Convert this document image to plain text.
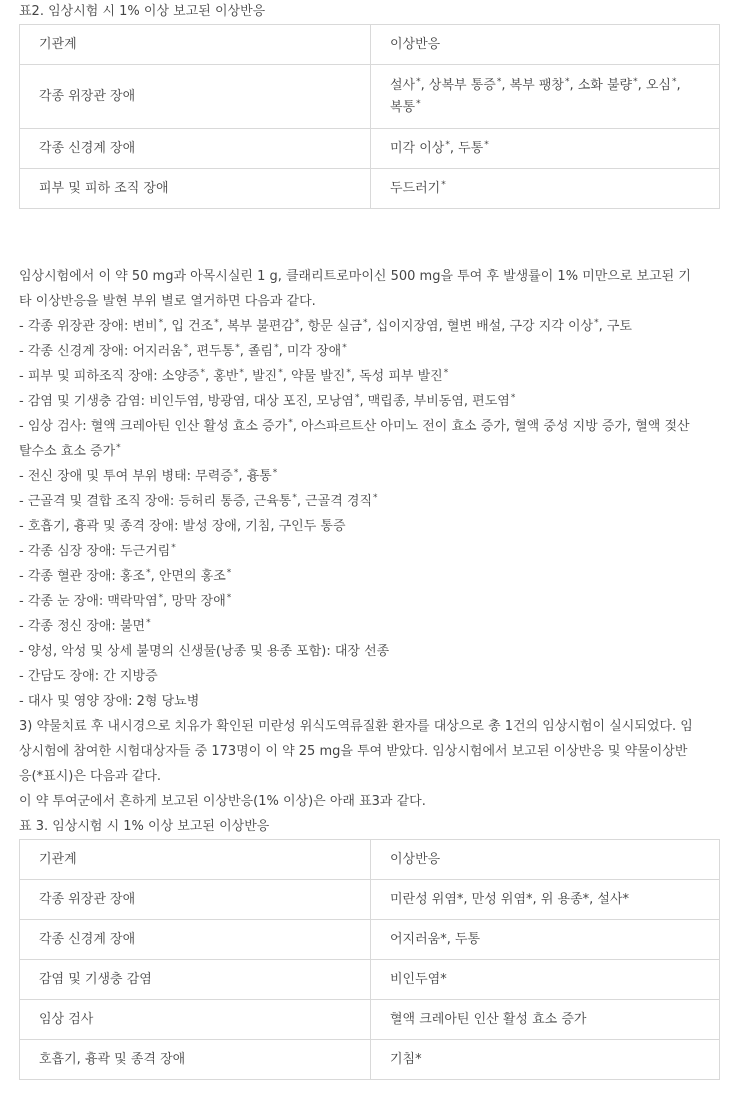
표2. 임상시험 시 1% 이상 보고된 이상반응
기관계	이상반응
각종 위장관 장애	설사*, 상복부 통증*, 복부 팽창*, 소화 불량*, 오심*,
복통*

각종 신경계 장애	미각 이상*, 두통*
피부 및 피하 조직 장애	두드러기*
임상시험에서 이 약 50 mg과 아목시실린 1 g, 클래리트로마이신 500 mg을 투여 후 발생률이 1% 미만으로 보고된 기
타 이상반응을 발현 부위 별로 열거하면 다음과 같다.
- 각종 위장관 장애: 변비*, 입 건조*, 복부 불편감*, 항문 실금*, 십이지장염, 혈변 배설, 구강 지각 이상*, 구토
- 각종 신경계 장애: 어지러움*, 편두통*, 졸림*, 미각 장애*
- 피부 및 피하조직 장애: 소양증*, 홍반*, 발진*, 약물 발진*, 독성 피부 발진*
- 감염 및 기생충 감염: 비인두염, 방광염, 대상 포진, 모낭염*, 맥립종, 부비동염, 편도염*
- 임상 검사: 혈액 크레아틴 인산 활성 효소 증가*, 아스파르트산 아미노 전이 효소 증가, 혈액 중성 지방 증가, 혈액 젖산
탈수소 효소 증가*
- 전신 장애 및 투여 부위 병태: 무력증*, 흉통*
- 근골격 및 결합 조직 장애: 등허리 통증, 근육통*, 근골격 경직*
- 호흡기, 흉곽 및 종격 장애: 발성 장애, 기침, 구인두 통증
- 각종 심장 장애: 두근거림*
- 각종 혈관 장애: 홍조*, 안면의 홍조*
- 각종 눈 장애: 맥락막염*, 망막 장애*
- 각종 정신 장애: 불면*
- 양성, 악성 및 상세 불명의 신생물(낭종 및 용종 포함): 대장 선종
- 간담도 장애: 간 지방증
- 대사 및 영양 장애: 2형 당뇨병
3) 약물치료 후 내시경으로 치유가 확인된 미란성 위식도역류질환 환자를 대상으로 총 1건의 임상시험이 실시되었다. 임
상시험에 참여한 시험대상자들 중 173명이 이 약 25 mg을 투여 받았다. 임상시험에서 보고된 이상반응 및 약물이상반
응(*표시)은 다음과 같다.
이 약 투여군에서 흔하게 보고된 이상반응(1% 이상)은 아래 표3과 같다.
표 3. 임상시험 시 1% 이상 보고된 이상반응
기관계	이상반응
각종 위장관 장애	미란성 위염*, 만성 위염*, 위 용종*, 설사*
각종 신경계 장애	어지러움*, 두통
감염 및 기생충 감염	비인두염*
임상 검사	혈액 크레아틴 인산 활성 효소 증가
호흡기, 흉곽 및 종격 장애	기침*
